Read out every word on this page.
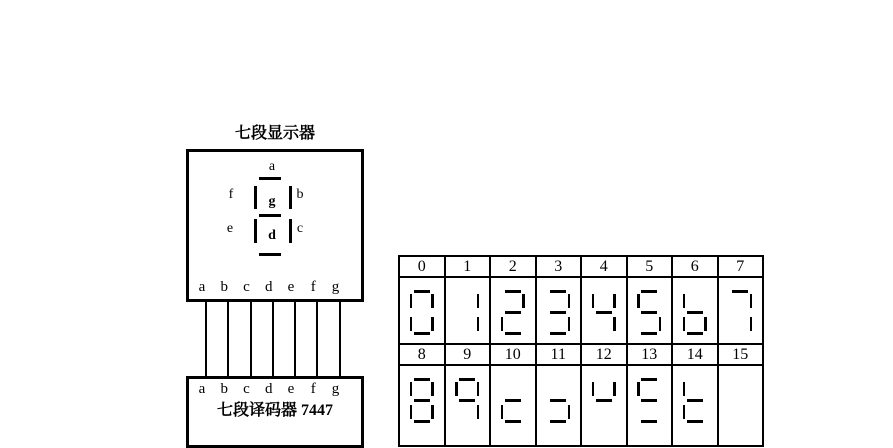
七段显示器
a
f	g	b
e	d	c
a	b	c	d	e	f	g
a	b	c	d	e	f	g
七段译码器 7447
0	1	2	3	4	5	6	7
8	9	10	11	12	13	14	15
